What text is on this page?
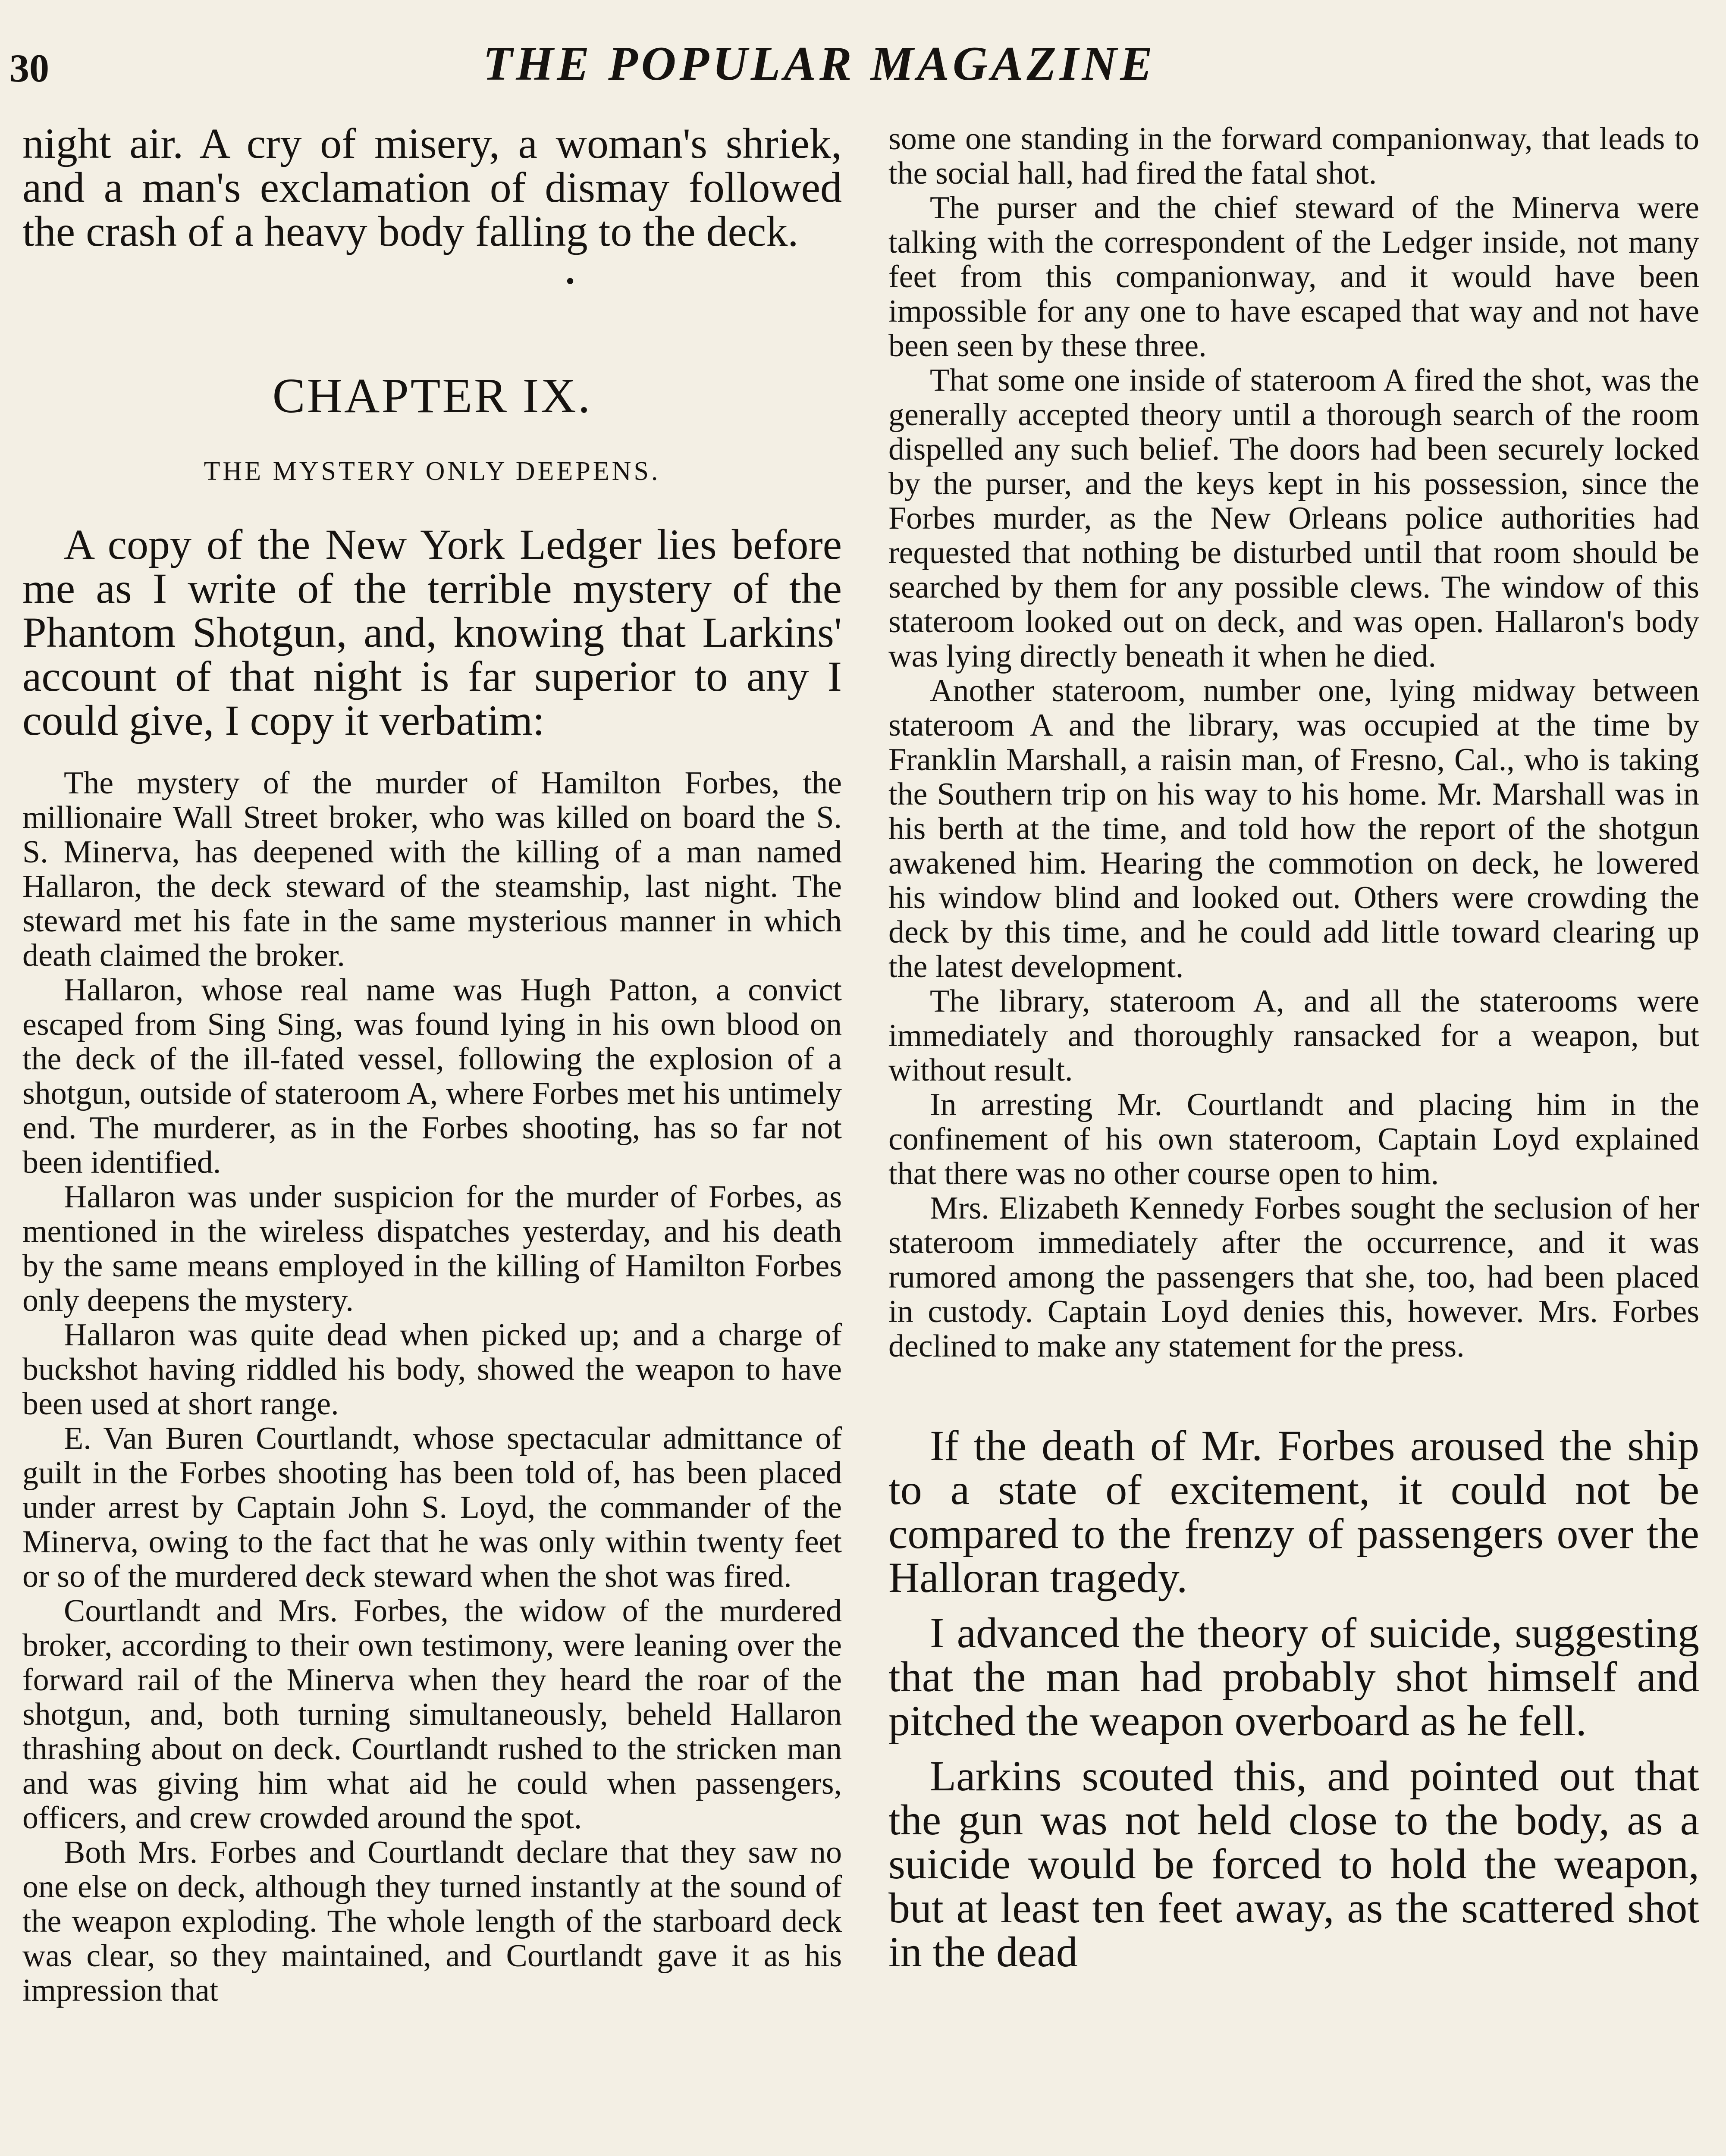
30	THE POPULAR MAGAZINE

night air. A cry of misery, a woman's shriek, and a man's exclamation of dismay followed the crash of a heavy body falling to the deck.

•
CHAPTER IX.
THE MYSTERY ONLY DEEPENS.

A copy of the New York Ledger lies before me as I write of the terrible mystery of the Phantom Shotgun, and, knowing that Larkins' account of that night is far superior to any I could give, I copy it verbatim:

The mystery of the murder of Hamilton Forbes, the millionaire Wall Street broker, who was killed on board the S. S. Minerva, has deepened with the killing of a man named Hallaron, the deck steward of the steamship, last night. The steward met his fate in the same mysterious manner in which death claimed the broker.

Hallaron, whose real name was Hugh Patton, a convict escaped from Sing Sing, was found lying in his own blood on the deck of the ill-fated vessel, following the explosion of a shotgun, outside of stateroom A, where Forbes met his untimely end. The murderer, as in the Forbes shooting, has so far not been identified.

Hallaron was under suspicion for the murder of Forbes, as mentioned in the wireless dispatches yesterday, and his death by the same means employed in the killing of Hamilton Forbes only deepens the mystery.

Hallaron was quite dead when picked up; and a charge of buckshot having riddled his body, showed the weapon to have been used at short range.

E. Van Buren Courtlandt, whose spectacular admittance of guilt in the Forbes shooting has been told of, has been placed under arrest by Captain John S. Loyd, the commander of the Minerva, owing to the fact that he was only within twenty feet or so of the murdered deck steward when the shot was fired.

Courtlandt and Mrs. Forbes, the widow of the murdered broker, according to their own testimony, were leaning over the forward rail of the Minerva when they heard the roar of the shotgun, and, both turning simultaneously, beheld Hallaron thrashing about on deck. Courtlandt rushed to the stricken man and was giving him what aid he could when passengers, officers, and crew crowded around the spot.

Both Mrs. Forbes and Courtlandt declare that they saw no one else on deck, although they turned instantly at the sound of the weapon exploding. The whole length of the starboard deck was clear, so they maintained, and Courtlandt gave it as his impression that

some one standing in the forward companionway, that leads to the social hall, had fired the fatal shot.

The purser and the chief steward of the Minerva were talking with the correspondent of the Ledger inside, not many feet from this companionway, and it would have been impossible for any one to have escaped that way and not have been seen by these three.

That some one inside of stateroom A fired the shot, was the generally accepted theory until a thorough search of the room dispelled any such belief. The doors had been securely locked by the purser, and the keys kept in his possession, since the Forbes murder, as the New Orleans police authorities had requested that nothing be disturbed until that room should be searched by them for any possible clews. The window of this stateroom looked out on deck, and was open. Hallaron's body was lying directly beneath it when he died.

Another stateroom, number one, lying midway between stateroom A and the library, was occupied at the time by Franklin Marshall, a raisin man, of Fresno, Cal., who is taking the Southern trip on his way to his home. Mr. Marshall was in his berth at the time, and told how the report of the shotgun awakened him. Hearing the commotion on deck, he lowered his window blind and looked out. Others were crowding the deck by this time, and he could add little toward clearing up the latest development.

The library, stateroom A, and all the staterooms were immediately and thoroughly ransacked for a weapon, but without result.

In arresting Mr. Courtlandt and placing him in the confinement of his own stateroom, Captain Loyd explained that there was no other course open to him.

Mrs. Elizabeth Kennedy Forbes sought the seclusion of her stateroom immediately after the occurrence, and it was rumored among the passengers that she, too, had been placed in custody. Captain Loyd denies this, however. Mrs. Forbes declined to make any statement for the press.

If the death of Mr. Forbes aroused the ship to a state of excitement, it could not be compared to the frenzy of passengers over the Halloran tragedy.

I advanced the theory of suicide, suggesting that the man had probably shot himself and pitched the weapon overboard as he fell.

Larkins scouted this, and pointed out that the gun was not held close to the body, as a suicide would be forced to hold the weapon, but at least ten feet away, as the scattered shot in the dead
